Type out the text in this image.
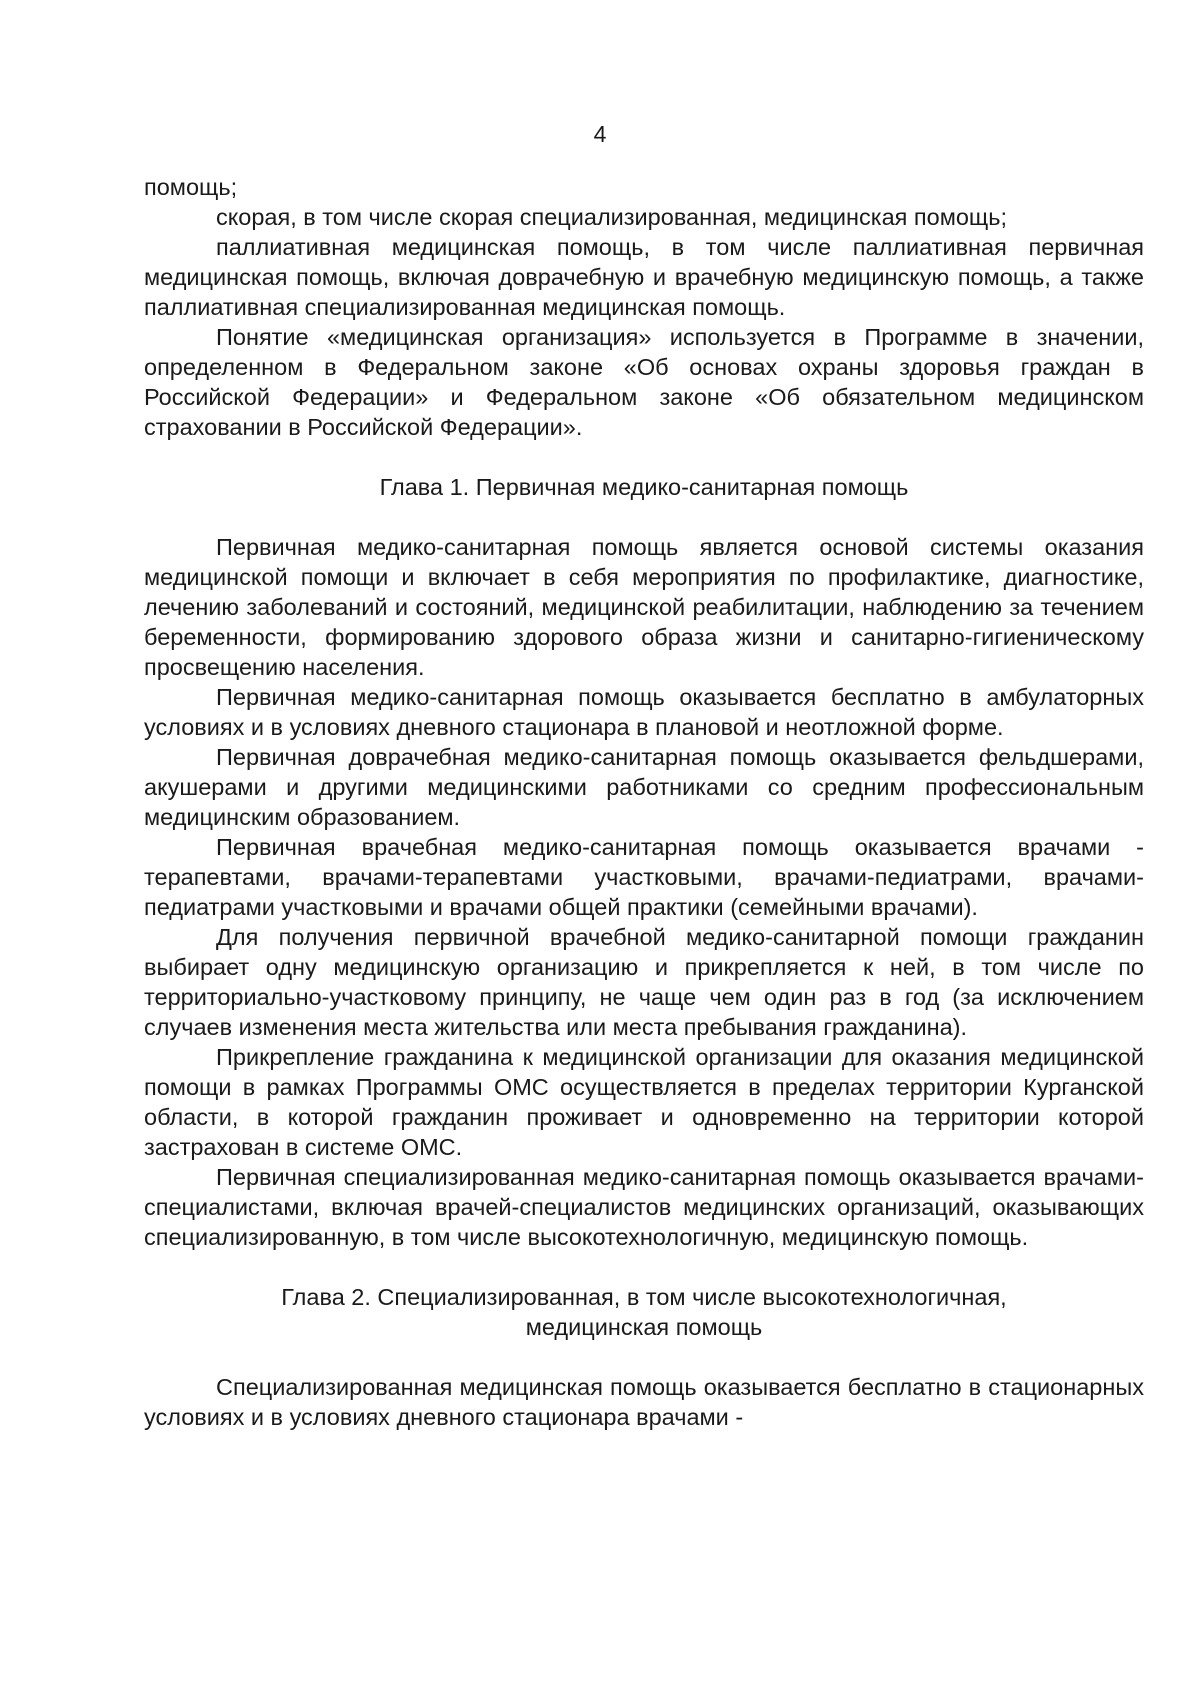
4

помощь;

скорая, в том числе скорая специализированная, медицинская помощь;

паллиативная медицинская помощь, в том числе паллиативная первичная медицинская помощь, включая доврачебную и врачебную медицинскую помощь, а также паллиативная специализированная медицинская помощь.

Понятие «медицинская организация» используется в Программе в значении, определенном в Федеральном законе «Об основах охраны здоровья граждан в Российской Федерации» и Федеральном законе «Об обязательном медицинском страховании в Российской Федерации».

Глава 1. Первичная медико-санитарная помощь

Первичная медико-санитарная помощь является основой системы оказания медицинской помощи и включает в себя мероприятия по профилактике, диагностике, лечению заболеваний и состояний, медицинской реабилитации, наблюдению за течением беременности, формированию здорового образа жизни и санитарно-гигиеническому просвещению населения.

Первичная медико-санитарная помощь оказывается бесплатно в амбулаторных условиях и в условиях дневного стационара в плановой и неотложной форме.

Первичная доврачебная медико-санитарная помощь оказывается фельдшерами, акушерами и другими медицинскими работниками со средним профессиональным медицинским образованием.

Первичная врачебная медико-санитарная помощь оказывается врачами - терапевтами, врачами-терапевтами участковыми, врачами-педиатрами, врачами-педиатрами участковыми и врачами общей практики (семейными врачами).

Для получения первичной врачебной медико-санитарной помощи гражданин выбирает одну медицинскую организацию и прикрепляется к ней, в том числе по территориально-участковому принципу, не чаще чем один раз в год (за исключением случаев изменения места жительства или места пребывания гражданина).

Прикрепление гражданина к медицинской организации для оказания медицинской помощи в рамках Программы ОМС осуществляется в пределах территории Курганской области, в которой гражданин проживает и одновременно на территории которой застрахован в системе ОМС.

Первичная специализированная медико-санитарная помощь оказывается врачами-специалистами, включая врачей-специалистов медицинских организаций, оказывающих специализированную, в том числе высокотехнологичную, медицинскую помощь.

Глава 2. Специализированная, в том числе высокотехнологичная,

медицинская помощь

Специализированная медицинская помощь оказывается бесплатно в стационарных условиях и в условиях дневного стационара врачами -
